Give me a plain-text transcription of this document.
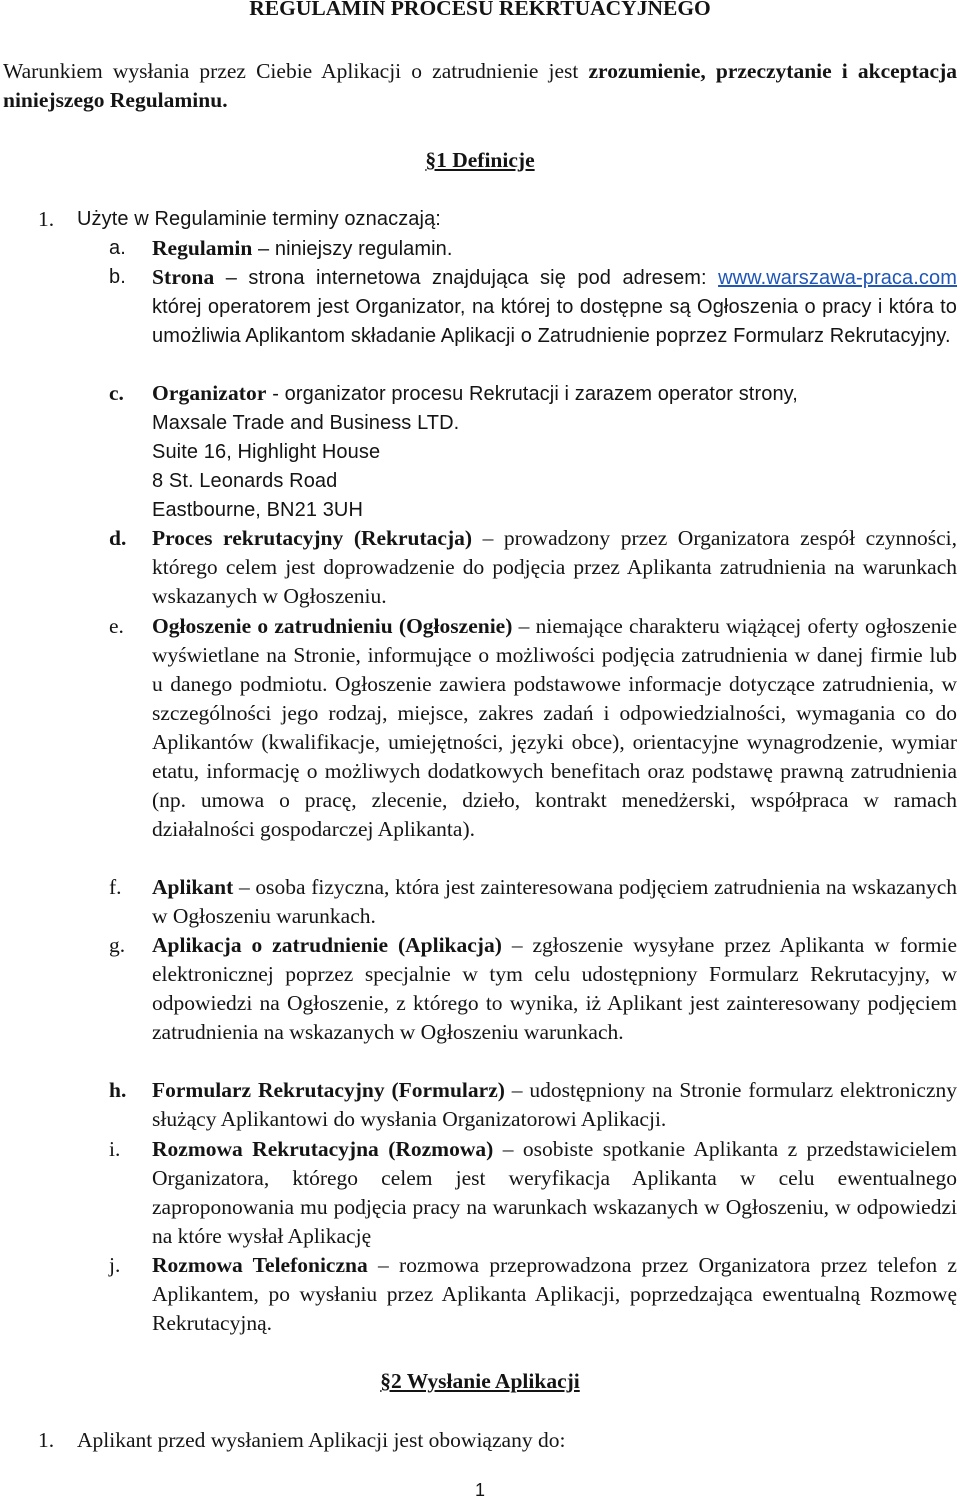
REGULAMIN PROCESU REKRTUACYJNEGO
Warunkiem wysłania przez Ciebie Aplikacji o zatrudnienie jest zrozumienie, przeczytanie i akceptacja niniejszego Regulaminu.
§1 Definicje
1. Użyte w Regulaminie terminy oznaczają:
a. Regulamin – niniejszy regulamin.
b. Strona – strona internetowa znajdująca się pod adresem: www.warszawa-praca.com której operatorem jest Organizator, na której to dostępne są Ogłoszenia o pracy i która to umożliwia Aplikantom składanie Aplikacji o Zatrudnienie poprzez Formularz Rekrutacyjny.
c. Organizator - organizator procesu Rekrutacji i zarazem operator strony,
Maxsale Trade and Business LTD.
Suite 16, Highlight House
8 St. Leonards Road
Eastbourne, BN21 3UH
d. Proces rekrutacyjny (Rekrutacja) – prowadzony przez Organizatora zespół czynności, którego celem jest doprowadzenie do podjęcia przez Aplikanta zatrudnienia na warunkach wskazanych w Ogłoszeniu.
e. Ogłoszenie o zatrudnieniu (Ogłoszenie) – niemające charakteru wiążącej oferty ogłoszenie wyświetlane na Stronie, informujące o możliwości podjęcia zatrudnienia w danej firmie lub u danego podmiotu. Ogłoszenie zawiera podstawowe informacje dotyczące zatrudnienia, w szczególności jego rodzaj, miejsce, zakres zadań i odpowiedzialności, wymagania co do Aplikantów (kwalifikacje, umiejętności, języki obce), orientacyjne wynagrodzenie, wymiar etatu, informację o możliwych dodatkowych benefitach oraz podstawę prawną zatrudnienia (np. umowa o pracę, zlecenie, dzieło, kontrakt menedżerski, współpraca w ramach działalności gospodarczej Aplikanta).
f. Aplikant – osoba fizyczna, która jest zainteresowana podjęciem zatrudnienia na wskazanych w Ogłoszeniu warunkach.
g. Aplikacja o zatrudnienie (Aplikacja) – zgłoszenie wysyłane przez Aplikanta w formie elektronicznej poprzez specjalnie w tym celu udostępniony Formularz Rekrutacyjny, w odpowiedzi na Ogłoszenie, z którego to wynika, iż Aplikant jest zainteresowany podjęciem zatrudnienia na wskazanych w Ogłoszeniu warunkach.
h. Formularz Rekrutacyjny (Formularz) – udostępniony na Stronie formularz elektroniczny służący Aplikantowi do wysłania Organizatorowi Aplikacji.
i. Rozmowa Rekrutacyjna (Rozmowa) – osobiste spotkanie Aplikanta z przedstawicielem Organizatora, którego celem jest weryfikacja Aplikanta w celu ewentualnego zaproponowania mu podjęcia pracy na warunkach wskazanych w Ogłoszeniu, w odpowiedzi na które wysłał Aplikację
j. Rozmowa Telefoniczna – rozmowa przeprowadzona przez Organizatora przez telefon z Aplikantem, po wysłaniu przez Aplikanta Aplikacji, poprzedzająca ewentualną Rozmowę Rekrutacyjną.
§2 Wysłanie Aplikacji
1. Aplikant przed wysłaniem Aplikacji jest obowiązany do:
1
